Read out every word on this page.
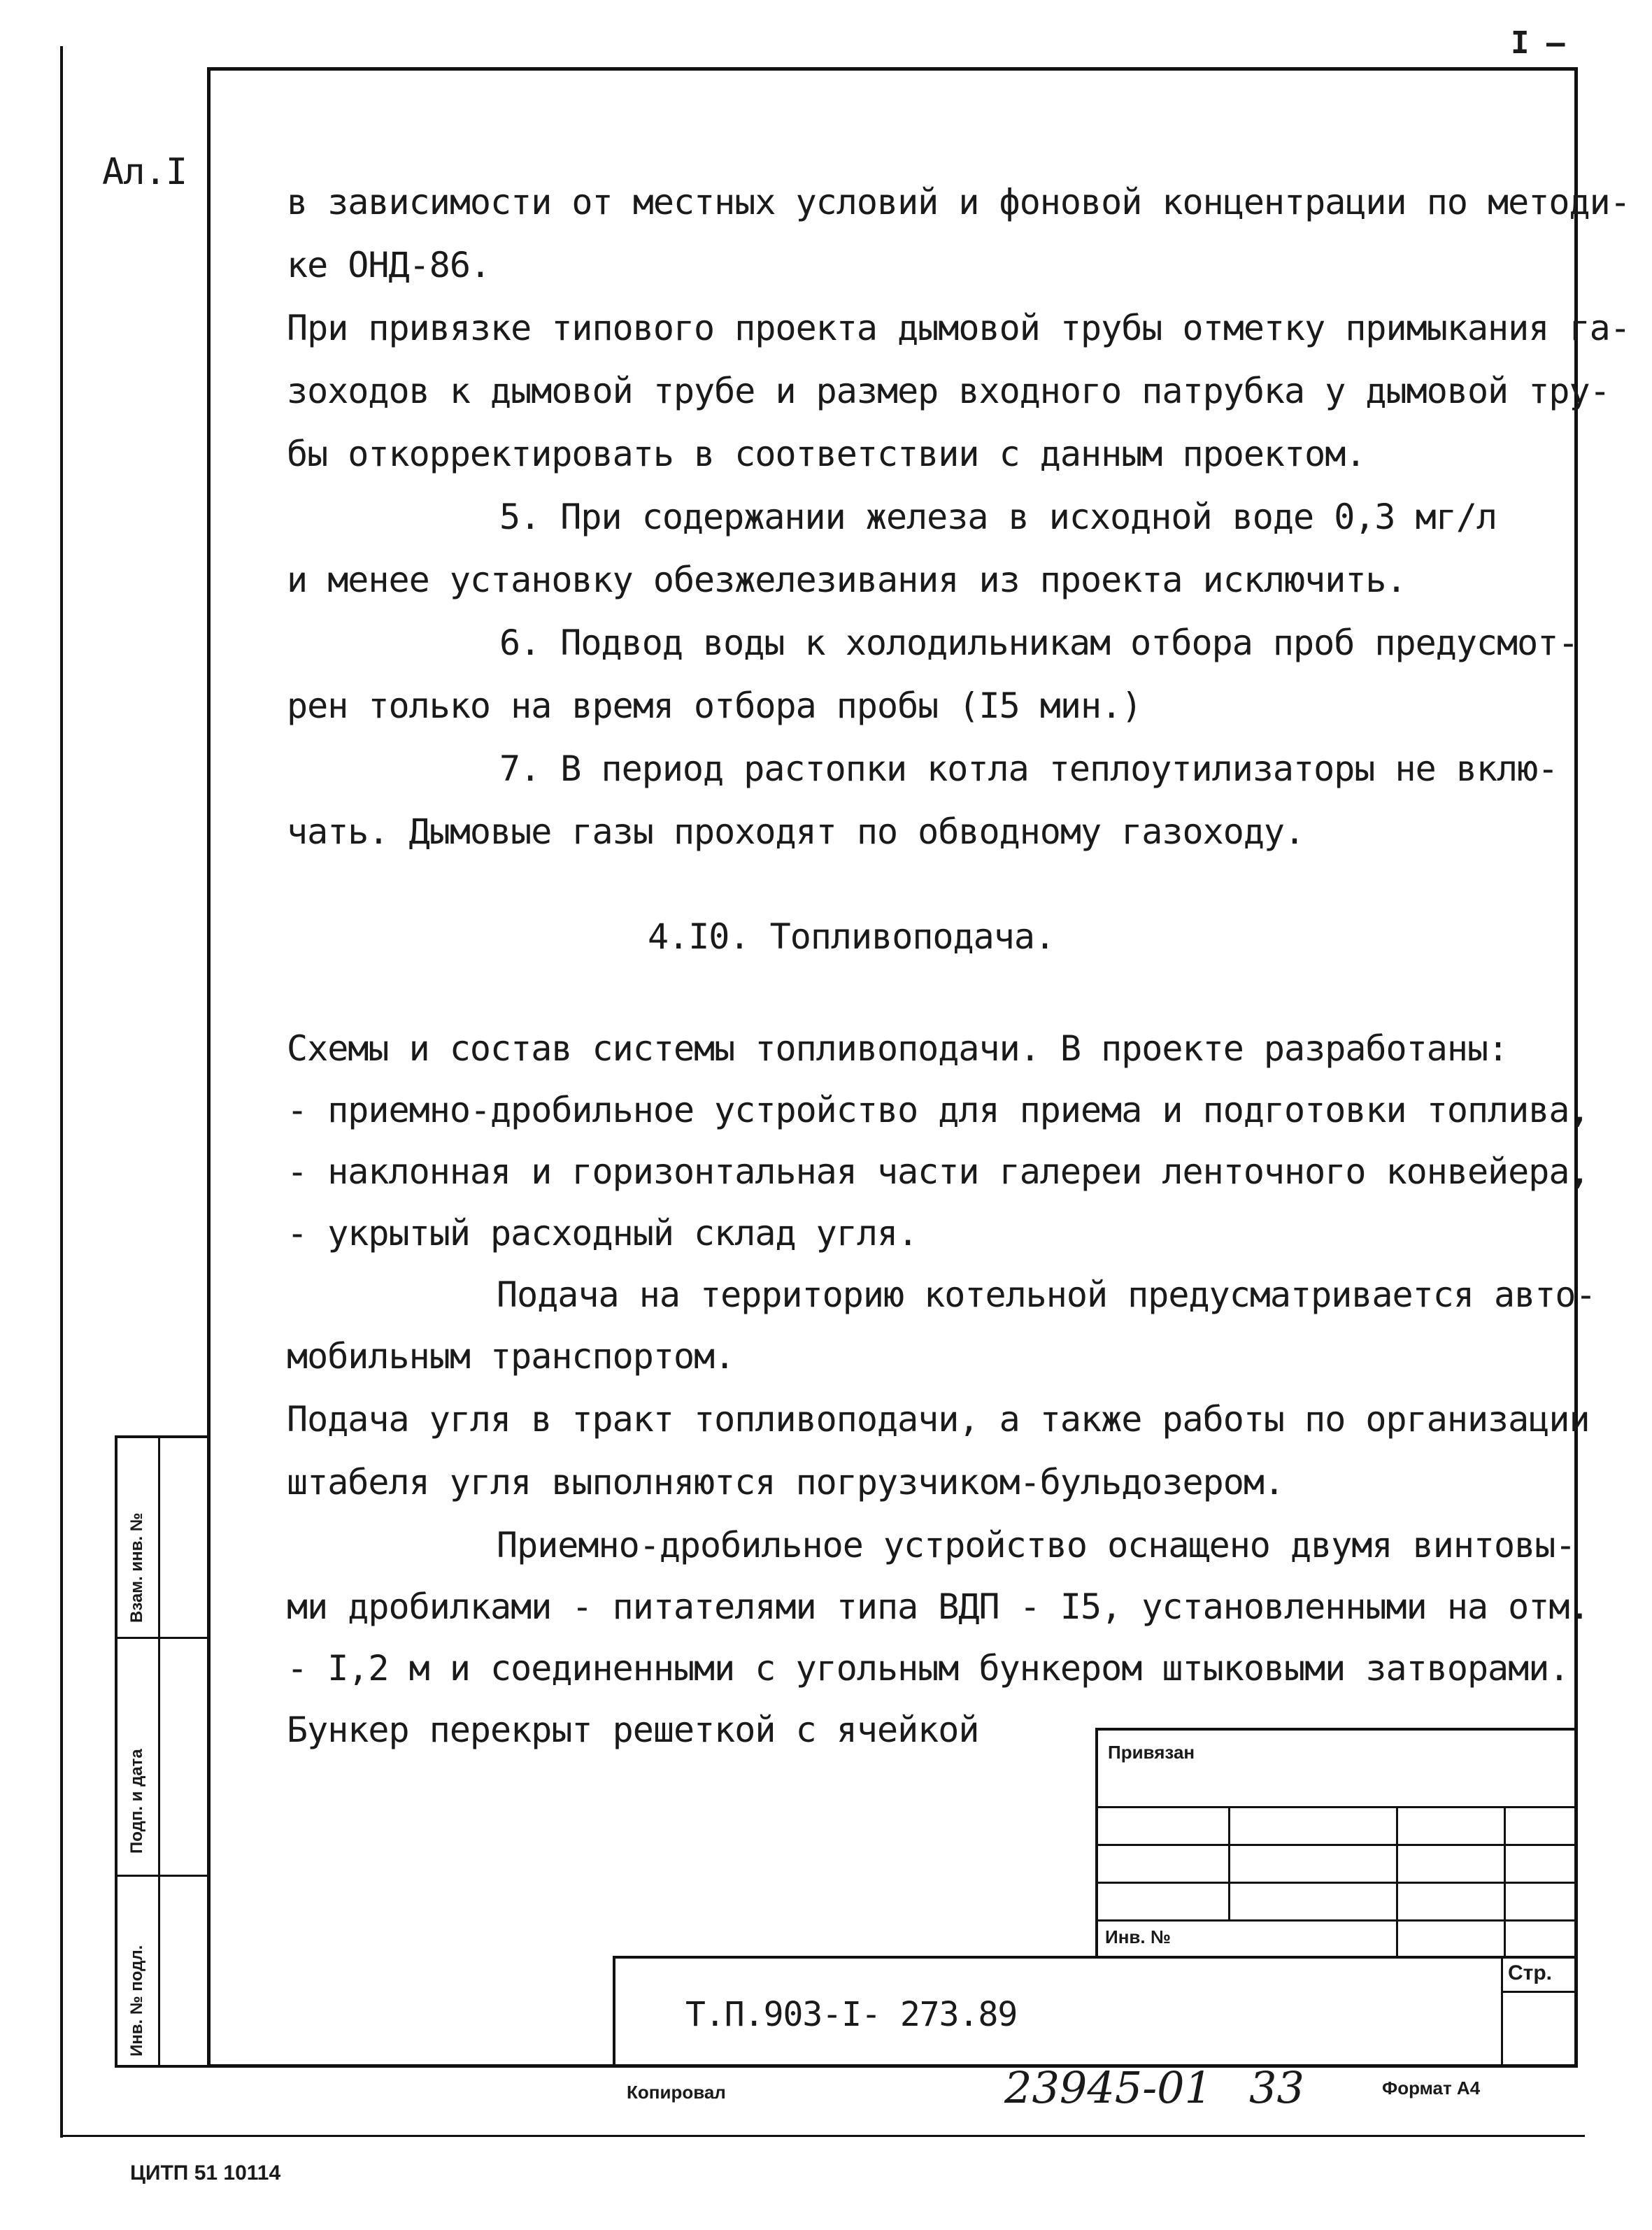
I –
Ал.I
в зависимости от местных условий и фоновой концентрации по методи-
ке ОНД-86.
При привязке типового проекта дымовой трубы отметку примыкания га-
зоходов к дымовой трубе и размер входного патрубка у дымовой тру-
бы откорректировать в соответствии с данным проектом.
5. При содержании железа в исходной воде 0,3 мг/л
и менее установку обезжелезивания из проекта исключить.
6. Подвод воды к холодильникам отбора проб предусмот-
рен только на время отбора пробы (I5 мин.)
7. В период растопки котла теплоутилизаторы не вклю-
чать. Дымовые газы проходят по обводному газоходу.
4.I0. Топливоподача.
Схемы и состав системы топливоподачи. В проекте разработаны:
- приемно-дробильное устройство для приема и подготовки топлива,
- наклонная и горизонтальная части галереи ленточного конвейера,
- укрытый расходный склад угля.
Подача на территорию котельной предусматривается авто-
мобильным транспортом.
Подача угля в тракт топливоподачи, а также работы по организации
штабеля угля выполняются погрузчиком-бульдозером.
Приемно-дробильное устройство оснащено двумя винтовы-
ми дробилками - питателями типа ВДП - I5, установленными на отм.
- I,2 м и соединенными с угольным бункером штыковыми затворами.
Бункер перекрыт решеткой с ячейкой
Взам. инв. №
Подп. и дата
Инв. № подл.
Привязан
Инв. №
Стр.
Т.П.903-I- 273.89
Копировал	23945-01 33	Формат А4
ЦИТП 51 10114
